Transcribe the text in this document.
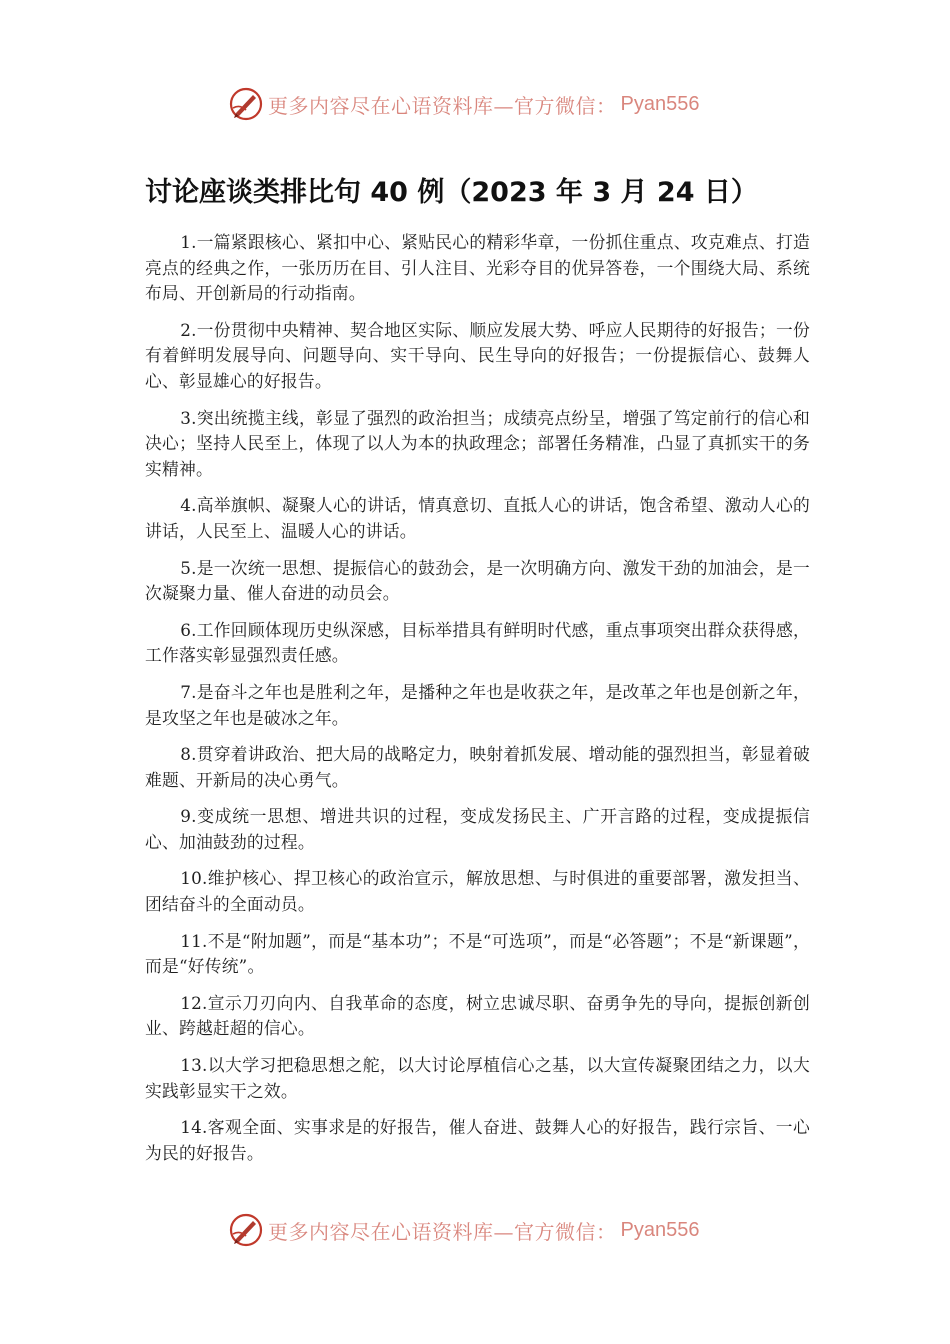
更多内容尽在心语资料库—官方微信： Pyan556
讨论座谈类排比句 40 例（2023 年 3 月 24 日）

1.一篇紧跟核心、紧扣中心、紧贴民心的精彩华章，一份抓住重点、攻克难点、打造亮点的经典之作，一张历历在目、引人注目、光彩夺目的优异答卷，一个围绕大局、系统布局、开创新局的行动指南。

2.一份贯彻中央精神、契合地区实际、顺应发展大势、呼应人民期待的好报告；一份有着鲜明发展导向、问题导向、实干导向、民生导向的好报告；一份提振信心、鼓舞人心、彰显雄心的好报告。

3.突出统揽主线，彰显了强烈的政治担当；成绩亮点纷呈，增强了笃定前行的信心和决心；坚持人民至上，体现了以人为本的执政理念；部署任务精准，凸显了真抓实干的务实精神。

4.高举旗帜、凝聚人心的讲话，情真意切、直抵人心的讲话，饱含希望、激动人心的讲话，人民至上、温暖人心的讲话。

5.是一次统一思想、提振信心的鼓劲会，是一次明确方向、激发干劲的加油会，是一次凝聚力量、催人奋进的动员会。

6.工作回顾体现历史纵深感，目标举措具有鲜明时代感，重点事项突出群众获得感，工作落实彰显强烈责任感。

7.是奋斗之年也是胜利之年，是播种之年也是收获之年，是改革之年也是创新之年，是攻坚之年也是破冰之年。

8.贯穿着讲政治、把大局的战略定力，映射着抓发展、增动能的强烈担当，彰显着破难题、开新局的决心勇气。

9.变成统一思想、增进共识的过程，变成发扬民主、广开言路的过程，变成提振信心、加油鼓劲的过程。

10.维护核心、捍卫核心的政治宣示，解放思想、与时俱进的重要部署，激发担当、团结奋斗的全面动员。

11.不是“附加题”，而是“基本功”；不是“可选项”，而是“必答题”；不是“新课题”，而是“好传统”。

12.宣示刀刃向内、自我革命的态度，树立忠诚尽职、奋勇争先的导向，提振创新创业、跨越赶超的信心。

13.以大学习把稳思想之舵，以大讨论厚植信心之基，以大宣传凝聚团结之力，以大实践彰显实干之效。

14.客观全面、实事求是的好报告，催人奋进、鼓舞人心的好报告，践行宗旨、一心为民的好报告。

更多内容尽在心语资料库—官方微信： Pyan556
